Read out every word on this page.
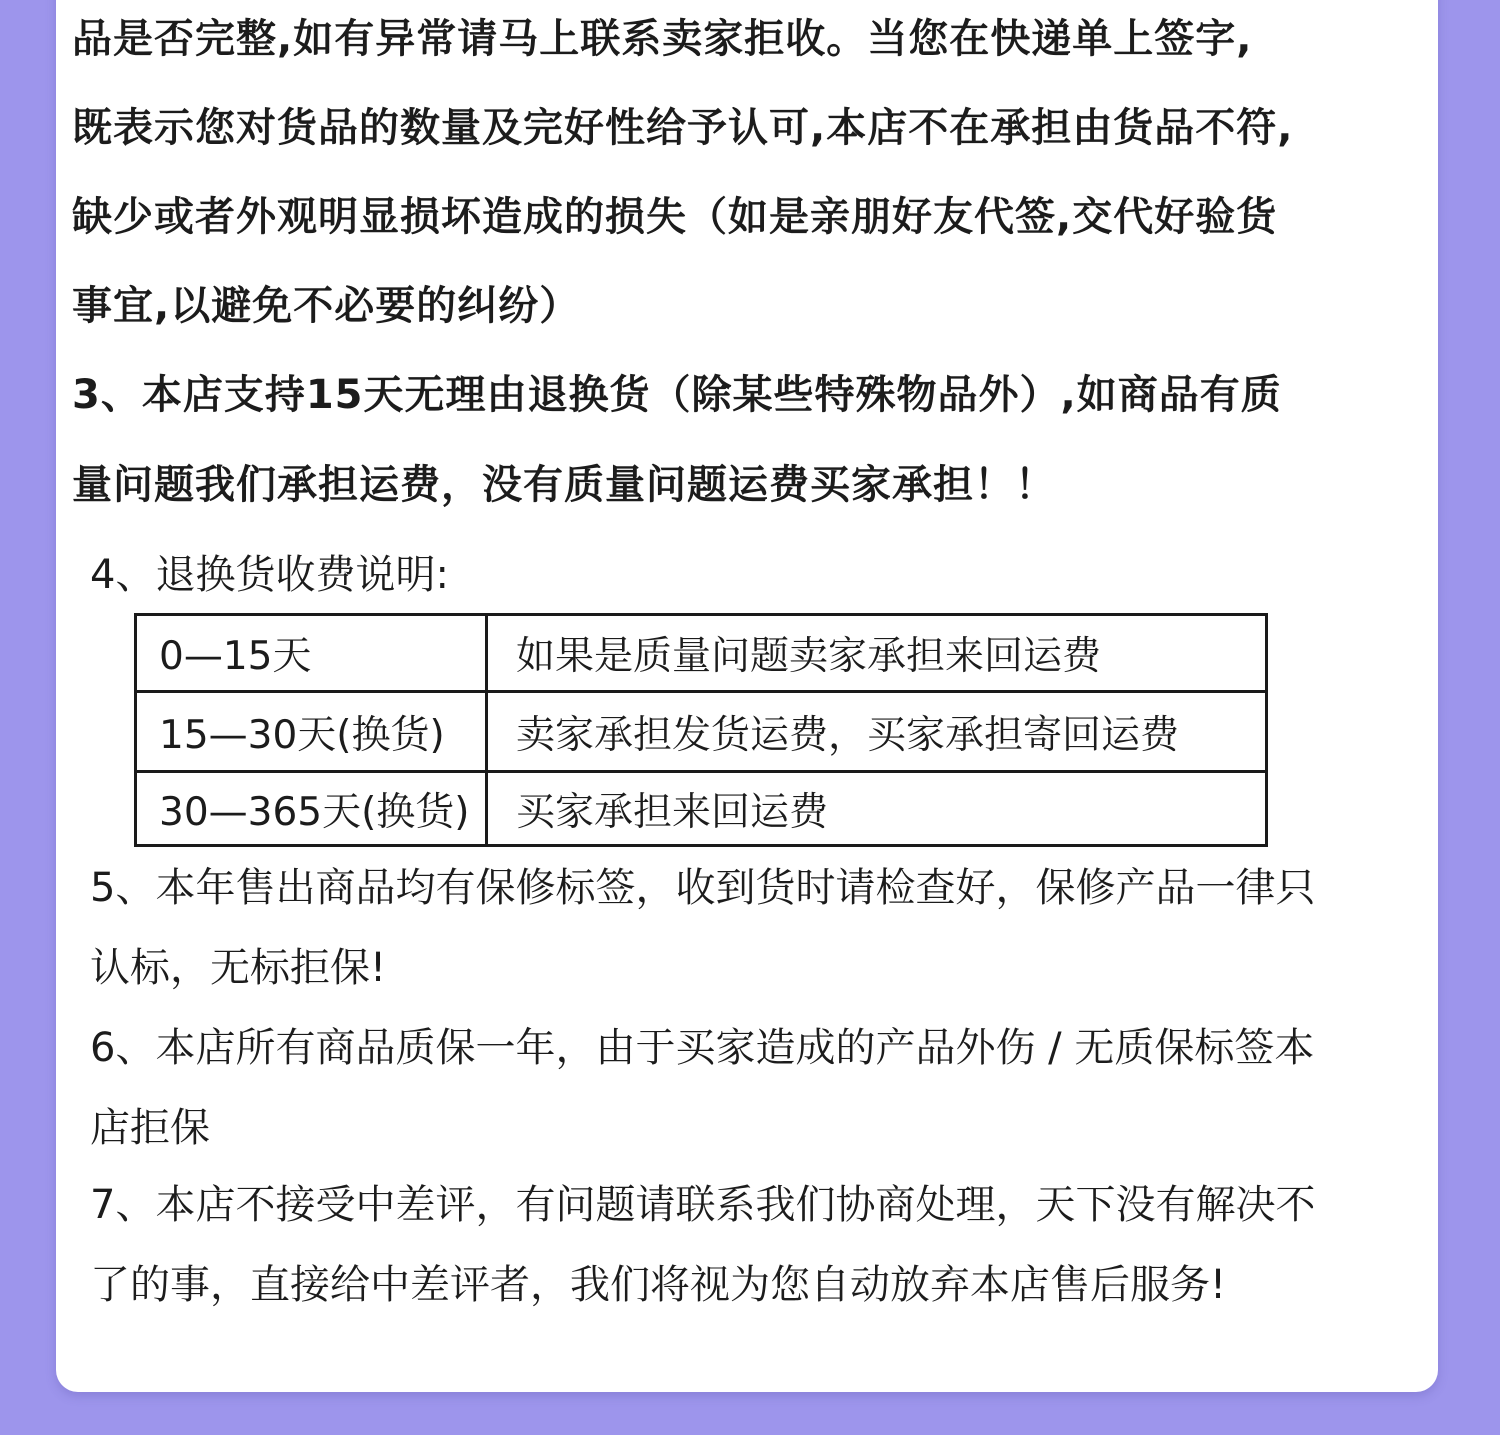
品是否完整,如有异常请马上联系卖家拒收。当您在快递单上签字,
既表示您对货品的数量及完好性给予认可,本店不在承担由货品不符,
缺少或者外观明显损坏造成的损失（如是亲朋好友代签,交代好验货
事宜,以避免不必要的纠纷）
3、本店支持15天无理由退换货（除某些特殊物品外）,如商品有质
量问题我们承担运费，没有质量问题运费买家承担！！
4、退换货收费说明:
0—15天	如果是质量问题卖家承担来回运费
15—30天(换货)	卖家承担发货运费，买家承担寄回运费
30—365天(换货)	买家承担来回运费
5、本年售出商品均有保修标签，收到货时请检查好，保修产品一律只
认标，无标拒保!
6、本店所有商品质保一年，由于买家造成的产品外伤 / 无质保标签本
店拒保
7、本店不接受中差评，有问题请联系我们协商处理，天下没有解决不
了的事，直接给中差评者，我们将视为您自动放弃本店售后服务!
